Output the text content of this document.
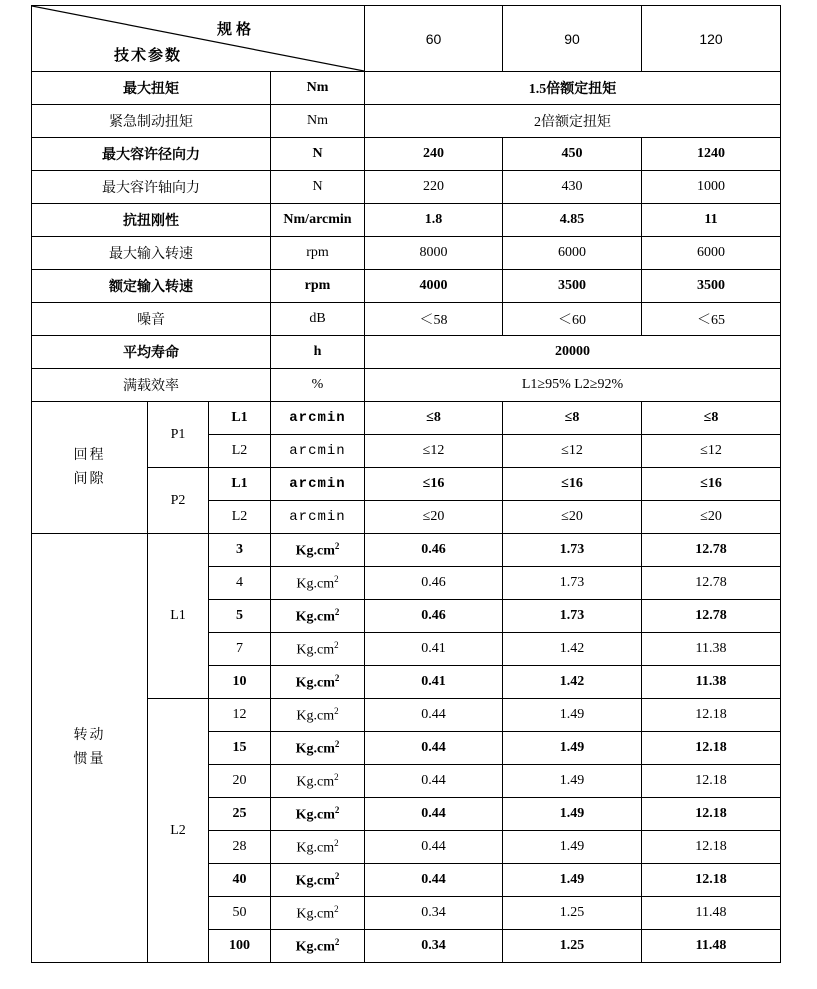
规格
技术参数				60	90	120
最大扭矩			Nm	1.5倍额定扭矩		
紧急制动扭矩			Nm	2倍额定扭矩		
最大容许径向力			N	240	450	1240
最大容许轴向力			N	220	430	1000
抗扭刚性			Nm/arcmin	1.8	4.85	11
最大输入转速			rpm	8000	6000	6000
额定输入转速			rpm	4000	3500	3500
噪音			dB	＜58	＜60	＜65
平均寿命			h	20000		
满载效率			%	L1≥95% L2≥92%		

回程
间隙	P1	L1	arcmin	≤8	≤8	≤8
		L2	arcmin	≤12	≤12	≤12
	P2	L1	arcmin	≤16	≤16	≤16
		L2	arcmin	≤20	≤20	≤20

转动
惯量	L1	3	$Kg.cm^2$	0.46	1.73	12.78
		4	$Kg.cm^2$	0.46	1.73	12.78
		5	$Kg.cm^2$	0.46	1.73	12.78
		7	$Kg.cm^2$	0.41	1.42	11.38
		10	$Kg.cm^2$	0.41	1.42	11.38
	L2	12	$Kg.cm^2$	0.44	1.49	12.18
		15	$Kg.cm^2$	0.44	1.49	12.18
		20	$Kg.cm^2$	0.44	1.49	12.18
		25	$Kg.cm^2$	0.44	1.49	12.18
		28	$Kg.cm^2$	0.44	1.49	12.18
		40	$Kg.cm^2$	0.44	1.49	12.18
		50	$Kg.cm^2$	0.34	1.25	11.48
		100	$Kg.cm^2$	0.34	1.25	11.48
